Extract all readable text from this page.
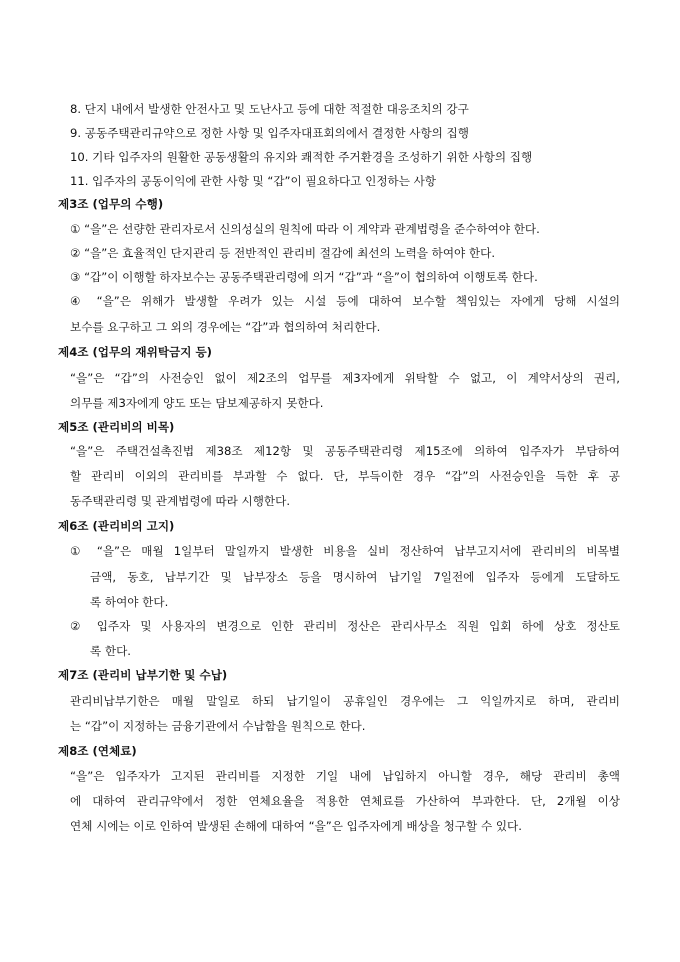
8. 단지 내에서 발생한 안전사고 및 도난사고 등에 대한 적절한 대응조치의 강구
9. 공동주택관리규약으로 정한 사항 및 입주자대표회의에서 결정한 사항의 집행
10. 기타 입주자의 원활한 공동생활의 유지와 쾌적한 주거환경을 조성하기 위한 사항의 집행
11. 입주자의 공동이익에 관한 사항 및 “갑”이 필요하다고 인정하는 사항
제3조 (업무의 수행)
① “을”은 선량한 관리자로서 신의성실의 원칙에 따라 이 계약과 관계법령을 준수하여야 한다.
② “을”은 효율적인 단지관리 등 전반적인 관리비 절감에 최선의 노력을 하여야 한다.
③ “갑”이 이행할 하자보수는 공동주택관리령에 의거 “갑”과 “을”이 협의하여 이행토록 한다.
④ “을”은 위해가 발생할 우려가 있는 시설 등에 대하여 보수할 책임있는 자에게 당해 시설의
보수를 요구하고 그 외의 경우에는 “갑”과 협의하여 처리한다.
제4조 (업무의 재위탁금지 등)
“을”은 “갑”의 사전승인 없이 제2조의 업무를 제3자에게 위탁할 수 없고, 이 계약서상의 권리,
의무를 제3자에게 양도 또는 담보제공하지 못한다.
제5조 (관리비의 비목)
“을”은 주택건설촉진법 제38조 제12항 및 공동주택관리령 제15조에 의하여 입주자가 부담하여
할 관리비 이외의 관리비를 부과할 수 없다. 단, 부득이한 경우 “갑”의 사전승인을 득한 후 공
동주택관리령 및 관계법령에 따라 시행한다.
제6조 (관리비의 고지)
① “을”은 매월 1일부터 말일까지 발생한 비용을 실비 정산하여 납부고지서에 관리비의 비목별
금액, 동호, 납부기간 및 납부장소 등을 명시하여 납기일 7일전에 입주자 등에게 도달하도
록 하여야 한다.
② 입주자 및 사용자의 변경으로 인한 관리비 정산은 관리사무소 직원 입회 하에 상호 정산토
록 한다.
제7조 (관리비 납부기한 및 수납)
관리비납부기한은 매월 말일로 하되 납기일이 공휴일인 경우에는 그 익일까지로 하며, 관리비
는 “갑”이 지정하는 금융기관에서 수납함을 원칙으로 한다.
제8조 (연체료)
“을”은 입주자가 고지된 관리비를 지정한 기일 내에 납입하지 아니할 경우, 해당 관리비 총액
에 대하여 관리규약에서 정한 연체요율을 적용한 연체료를 가산하여 부과한다. 단, 2개월 이상
연체 시에는 이로 인하여 발생된 손해에 대하여 “을”은 입주자에게 배상을 청구할 수 있다.
